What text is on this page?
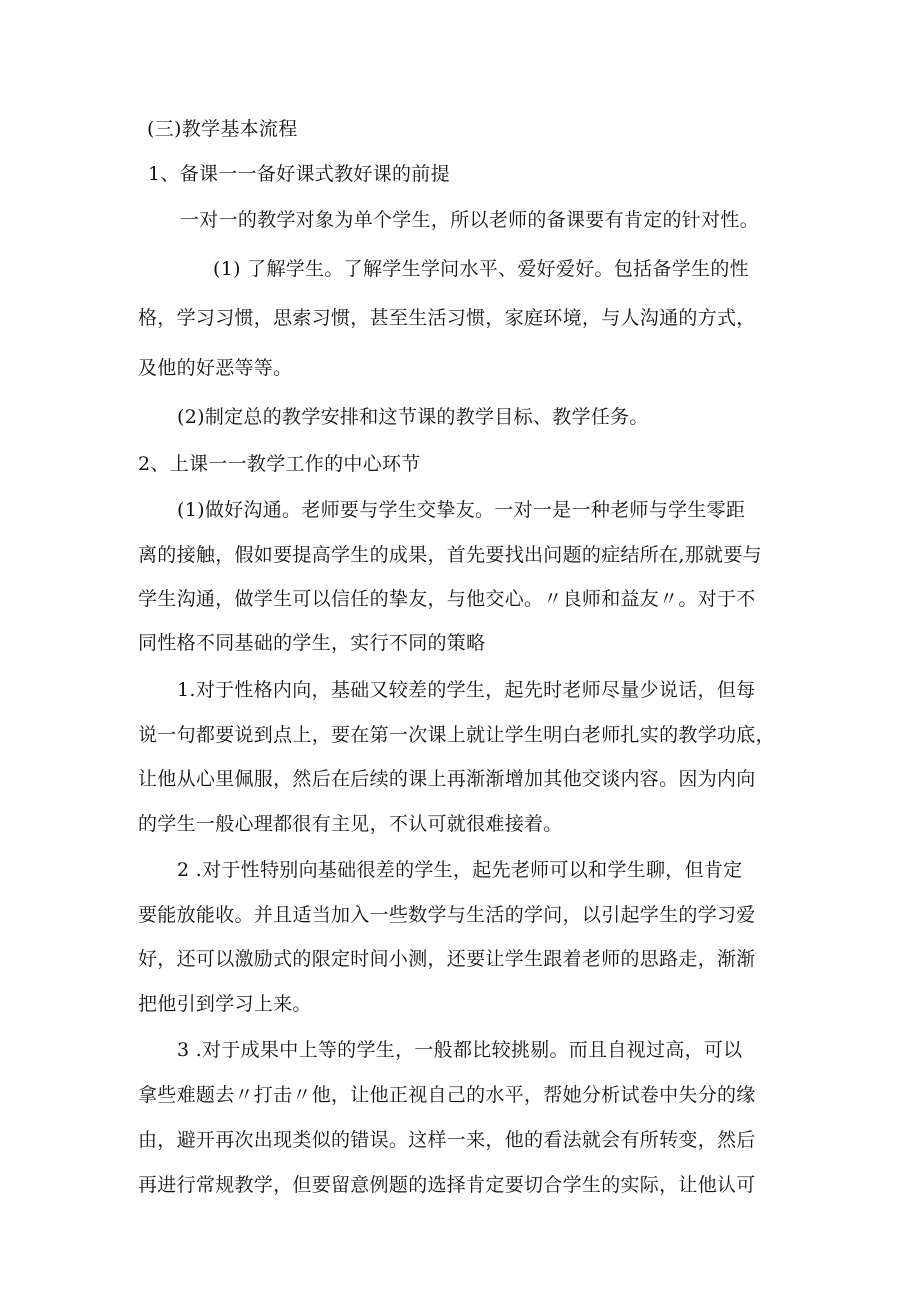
(三)教学基本流程
1、备课一一备好课式教好课的前提
一对一的教学对象为单个学生，所以老师的备课要有肯定的针对性。
(1) 了解学生。了解学生学问水平、爱好爱好。包括备学生的性
格，学习习惯，思索习惯，甚至生活习惯，家庭环境，与人沟通的方式，
及他的好恶等等。
(2)制定总的教学安排和这节课的教学目标、教学任务。
2、上课一一教学工作的中心环节
(1)做好沟通。老师要与学生交挚友。一对一是一种老师与学生零距
离的接触，假如要提高学生的成果，首先要找出问题的症结所在,那就要与
学生沟通，做学生可以信任的挚友，与他交心。〃良师和益友〃。对于不
同性格不同基础的学生，实行不同的策略
1.对于性格内向，基础又较差的学生，起先时老师尽量少说话，但每
说一句都要说到点上，要在第一次课上就让学生明白老师扎实的教学功底，
让他从心里佩服，然后在后续的课上再渐渐增加其他交谈内容。因为内向
的学生一般心理都很有主见，不认可就很难接着。
2 .对于性特别向基础很差的学生，起先老师可以和学生聊，但肯定
要能放能收。并且适当加入一些数学与生活的学问，以引起学生的学习爱
好，还可以激励式的限定时间小测，还要让学生跟着老师的思路走，渐渐
把他引到学习上来。
3 .对于成果中上等的学生，一般都比较挑剔。而且自视过高，可以
拿些难题去〃打击〃他，让他正视自己的水平，帮她分析试卷中失分的缘
由，避开再次出现类似的错误。这样一来，他的看法就会有所转变，然后
再进行常规教学，但要留意例题的选择肯定要切合学生的实际，让他认可
